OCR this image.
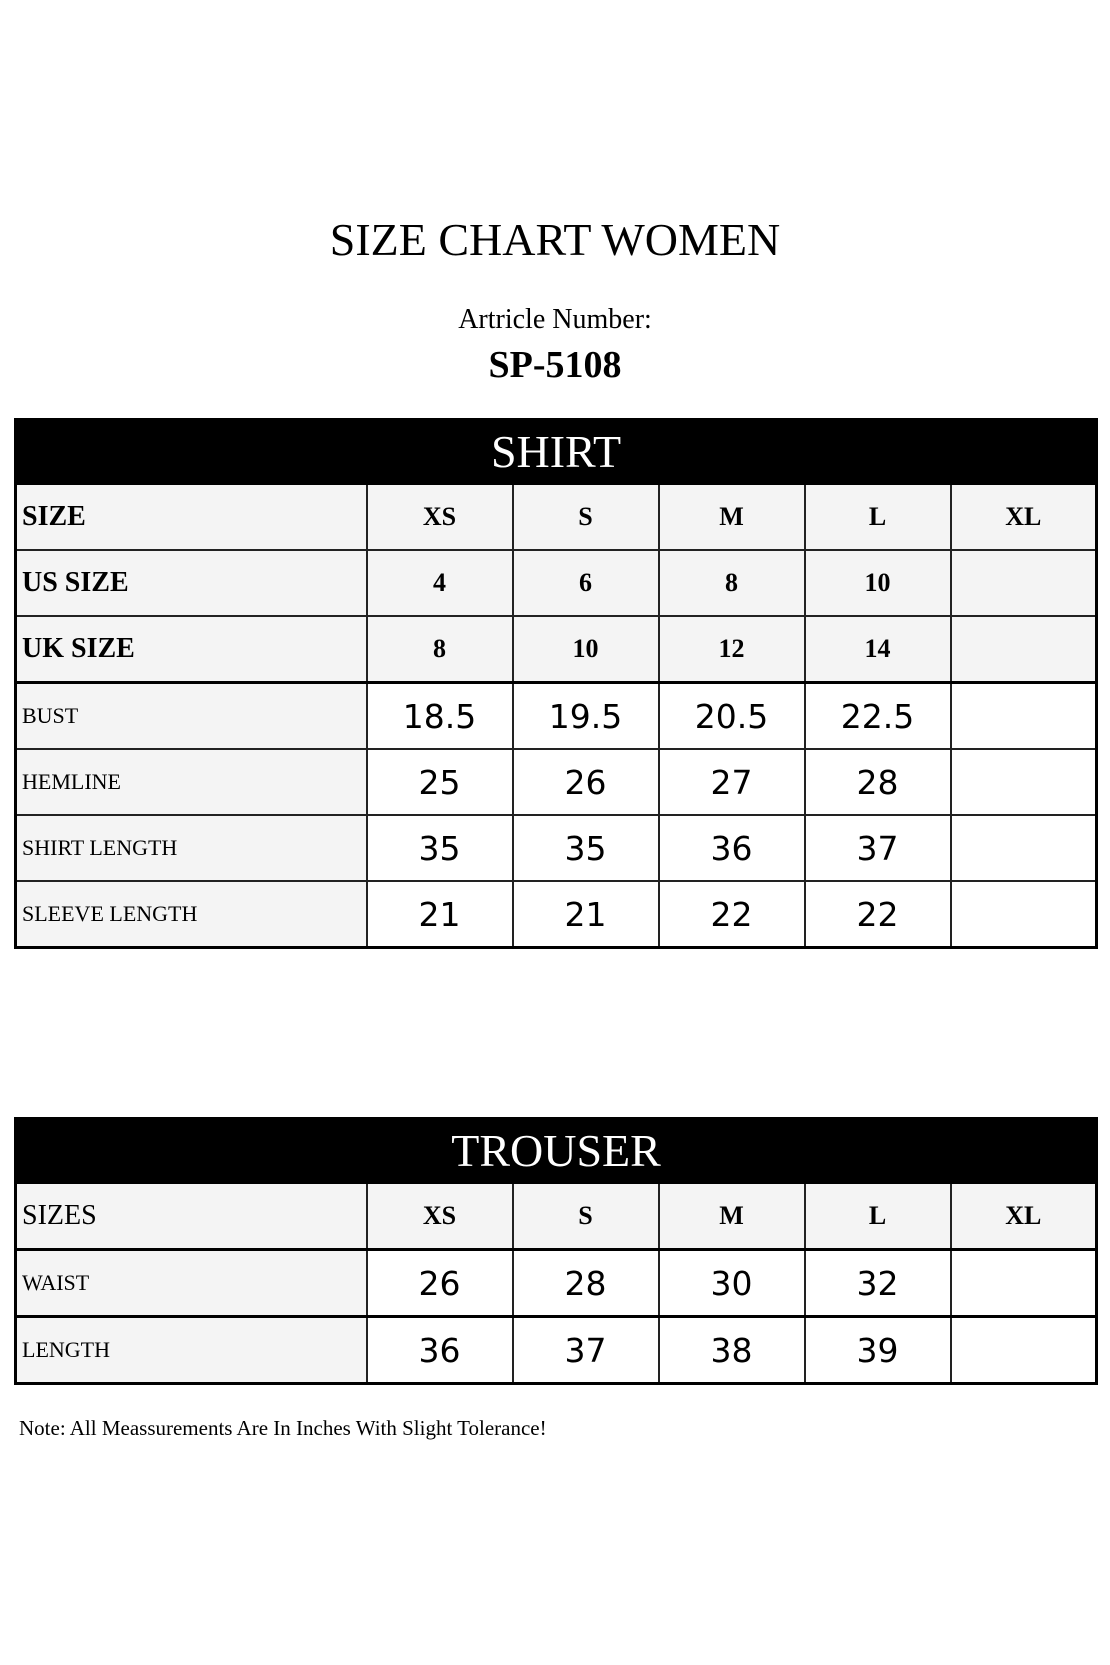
SIZE CHART WOMEN
Artricle Number:
SP-5108
SHIRT					
SIZE	XS	S	M	L	XL
US SIZE	4	6	8	10	
UK SIZE	8	10	12	14	
BUST	18.5	19.5	20.5	22.5	
HEMLINE	25	26	27	28	
SHIRT LENGTH	35	35	36	37	
SLEEVE LENGTH	21	21	22	22	
TROUSER					
SIZES	XS	S	M	L	XL
WAIST	26	28	30	32	
LENGTH	36	37	38	39	
Note: All Meassurements Are In Inches With Slight Tolerance!
